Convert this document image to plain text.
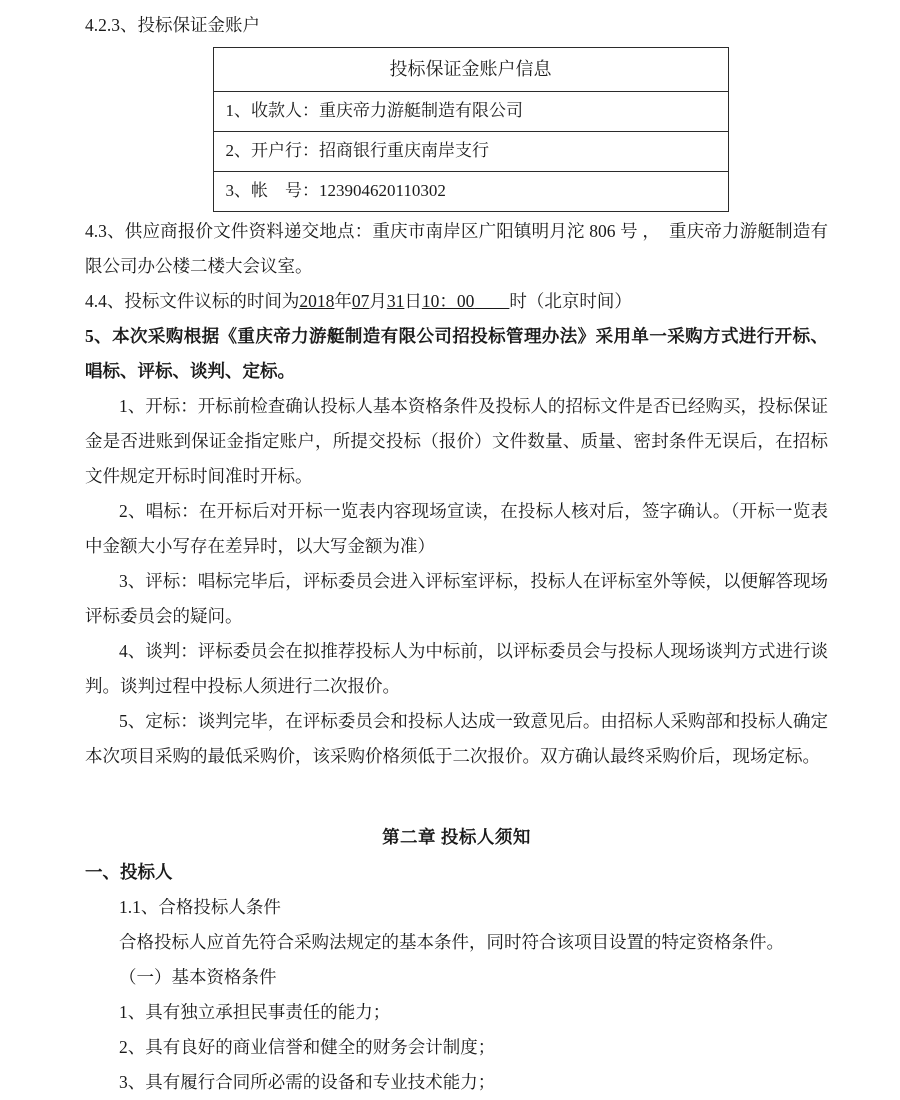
4.2.3、投标保证金账户

投标保证金账户信息
1、收款人：重庆帝力游艇制造有限公司
2、开户行：招商银行重庆南岸支行
3、帐　号：123904620110302

4.3、供应商报价文件资料递交地点：重庆市南岸区广阳镇明月沱 806 号 ，　重庆帝力游艇制造有限公司办公楼二楼大会议室。

4.4、投标文件议标的时间为2018年07月31日10：00　　 时（北京时间）

5、本次采购根据《重庆帝力游艇制造有限公司招投标管理办法》采用单一采购方式进行开标、唱标、评标、谈判、定标。

1、开标：开标前检查确认投标人基本资格条件及投标人的招标文件是否已经购买，投标保证金是否进账到保证金指定账户，所提交投标（报价）文件数量、质量、密封条件无误后，在招标文件规定开标时间准时开标。

2、唱标：在开标后对开标一览表内容现场宣读，在投标人核对后，签字确认。（开标一览表中金额大小写存在差异时，以大写金额为准）

3、评标：唱标完毕后，评标委员会进入评标室评标，投标人在评标室外等候，以便解答现场评标委员会的疑问。

4、谈判：评标委员会在拟推荐投标人为中标前，以评标委员会与投标人现场谈判方式进行谈判。谈判过程中投标人须进行二次报价。

5、定标：谈判完毕，在评标委员会和投标人达成一致意见后。由招标人采购部和投标人确定本次项目采购的最低采购价，该采购价格须低于二次报价。双方确认最终采购价后，现场定标。

第二章 投标人须知

一、投标人

1.1、合格投标人条件

合格投标人应首先符合采购法规定的基本条件，同时符合该项目设置的特定资格条件。

（一）基本资格条件

1、具有独立承担民事责任的能力；

2、具有良好的商业信誉和健全的财务会计制度；

3、具有履行合同所必需的设备和专业技术能力；
